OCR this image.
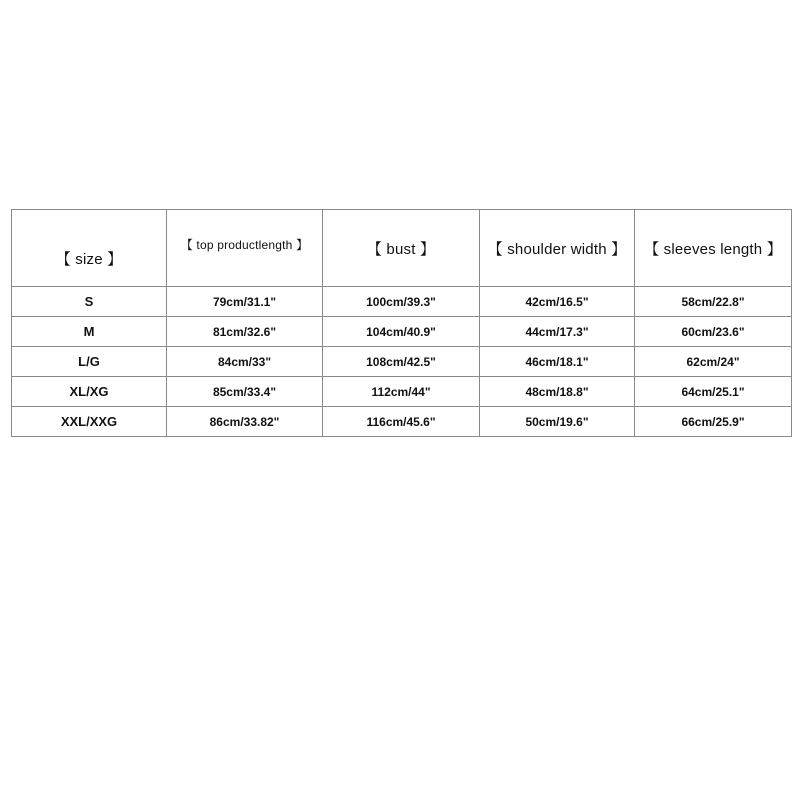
【 size 】	【 top productlength 】	【 bust 】	【 shoulder width 】	【 sleeves length 】
S	79cm/31.1"	100cm/39.3"	42cm/16.5"	58cm/22.8"
M	81cm/32.6"	104cm/40.9"	44cm/17.3"	60cm/23.6"
L/G	84cm/33"	108cm/42.5"	46cm/18.1"	62cm/24"
XL/XG	85cm/33.4"	112cm/44"	48cm/18.8"	64cm/25.1"
XXL/XXG	86cm/33.82"	116cm/45.6"	50cm/19.6"	66cm/25.9"
